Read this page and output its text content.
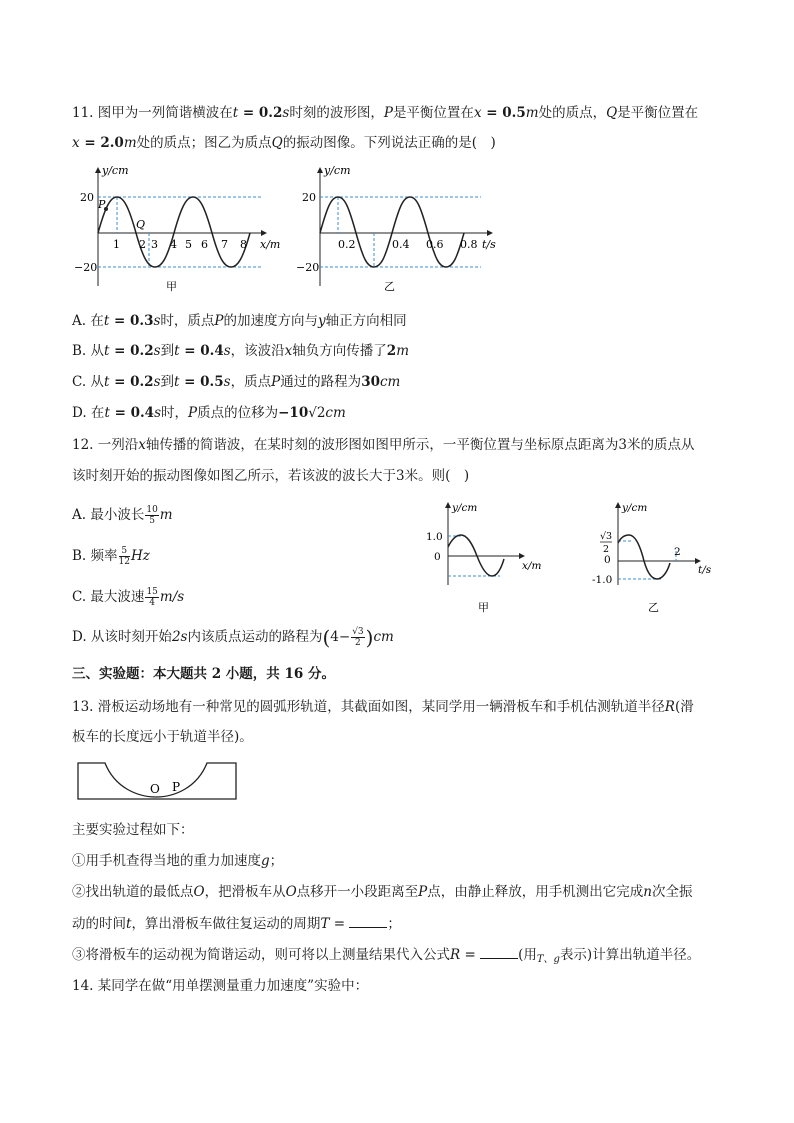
11. 图甲为一列简谐横波在t = 0.2s时刻的波形图，P是平衡位置在x = 0.5m处的质点，Q是平衡位置在
x = 2.0m处的质点；图乙为质点Q的振动图像。下列说法正确的是(　)
P
Q
y/cm
x/m
20
−20
1 2 3 4 5 6 7 8
甲
y/cm
t/s
20
−20
0.2	0.4 0.6 0.8
乙
A. 在t = 0.3s时，质点P的加速度方向与y轴正方向相同
B. 从t = 0.2s到t = 0.4s，该波沿x轴负方向传播了2m
C. 从t = 0.2s到t = 0.5s，质点P通过的路程为30cm
D. 在t = 0.4s时，P质点的位移为−10√2cm
12. 一列沿x轴传播的简谐波，在某时刻的波形图如图甲所示，一平衡位置与坐标原点距离为3米的质点从
该时刻开始的振动图像如图乙所示，若该波的波长大于3米。则(　)
A. 最小波长 $\frac{10}{5}$ m
B. 频率 $\frac{5}{12}$ Hz
C. 最大波速 $\frac{15}{4} m/s$
D. 从该时刻开始2s内该质点运动的路程为$(4- \frac{√3}{2} )cm$
y/cm
x/m
1.0
0
甲
y/cm
t/s
√3
2
0
-1.0
2
乙
三、实验题：本大题共 2 小题，共 16 分。
13. 滑板运动场地有一种常见的圆弧形轨道，其截面如图，某同学用一辆滑板车和手机估测轨道半径R(滑
板车的长度远小于轨道半径)。
O P
主要实验过程如下：
①用手机查得当地的重力加速度g；
②找出轨道的最低点O，把滑板车从O点移开一小段距离至P点，由静止释放，用手机测出它完成n次全振
动的时间t，算出滑板车做往复运动的周期T =	；
③将滑板车的运动视为简谐运动，则可将以上测量结果代入公式R =	(用$_{T、g}$表示)计算出轨道半径。
14. 某同学在做“用单摆测量重力加速度”实验中：
